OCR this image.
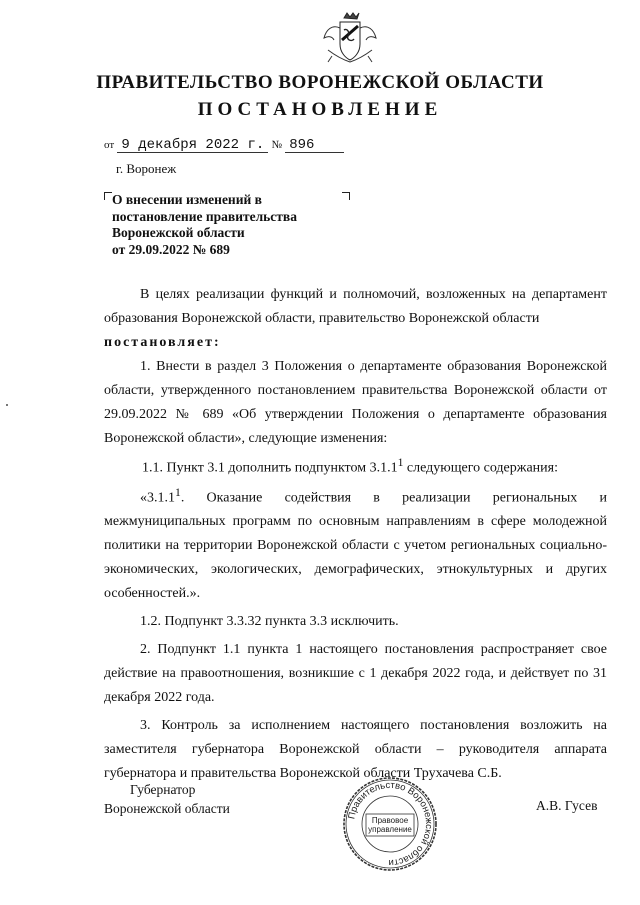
ПРАВИТЕЛЬСТВО ВОРОНЕЖСКОЙ ОБЛАСТИ
ПОСТАНОВЛЕНИЕ
от 9 декабря 2022 г. № 896
г. Воронеж
О внесении изменений в
постановление правительства
Воронежской области
от 29.09.2022 № 689

В целях реализации функций и полномочий, возложенных на департамент образования Воронежской области, правительство Воронежской области

постановляет:

1. Внести в раздел 3 Положения о департаменте образования Воронежской области, утвержденного постановлением правительства Воронежской области от 29.09.2022 № 689 «Об утверждении Положения о департаменте образования Воронежской области», следующие изменения:

1.1. Пункт 3.1 дополнить подпунктом 3.1.1$^1$ следующего содержания:

«3.1.1$^1$. Оказание содействия в реализации региональных и межмуниципальных программ по основным направлениям в сфере молодежной политики на территории Воронежской области с учетом региональных социально-экономических, экологических, демографических, этнокультурных и других особенностей.».

1.2. Подпункт 3.3.32 пункта 3.3 исключить.

2. Подпункт 1.1 пункта 1 настоящего постановления распространяет свое действие на правоотношения, возникшие с 1 декабря 2022 года, и действует по 31 декабря 2022 года.

3. Контроль за исполнением настоящего постановления возложить на заместителя губернатора Воронежской области – руководителя аппарата губернатора и правительства Воронежской области Трухачева С.Б.

Губернатор
Воронежской области	Правительство Воронежской области
Правовое
управление
А.В. Гусев
